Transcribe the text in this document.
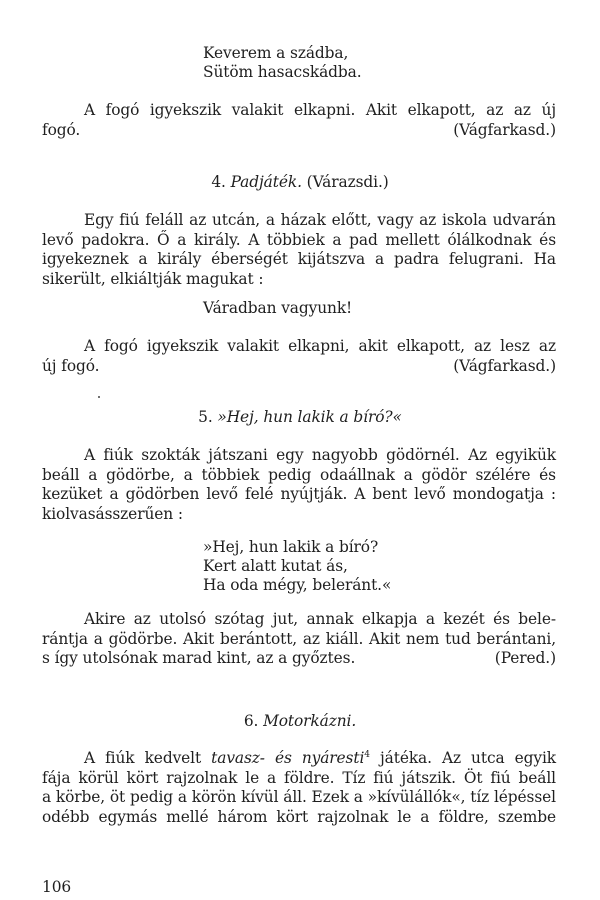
Keverem a szádba,
Sütöm hasacskádba.
A fogó igyekszik valakit elkapni. Akit elkapott, az az új
fogó.	(Vágfarkasd.)
4. Padjáték. (Várazsdi.)
Egy fiú feláll az utcán, a házak előtt, vagy az iskola udvarán
levő padokra. Ő a király. A többiek a pad mellett ólálkodnak és
igyekeznek a király éberségét kijátszva a padra felugrani. Ha
sikerült, elkiáltják magukat :
Váradban vagyunk!
A fogó igyekszik valakit elkapni, akit elkapott, az lesz az
új fogó.	(Vágfarkasd.)
5. »Hej, hun lakik a bíró?«
A fiúk szokták játszani egy nagyobb gödörnél. Az egyikük
beáll a gödörbe, a többiek pedig odaállnak a gödör szélére és
kezüket a gödörben levő felé nyújtják. A bent levő mondogatja :
kiolvasásszerűen :
»Hej, hun lakik a bíró?
Kert alatt kutat ás,
Ha oda mégy, beleránt.«
Akire az utolsó szótag jut, annak elkapja a kezét és bele-
rántja a gödörbe. Akit berántott, az kiáll. Akit nem tud berántani,
s így utolsónak marad kint, az a győztes.	(Pered.)
6. Motorkázni.
A fiúk kedvelt tavasz- és nyáresti$^4$ játéka. Az utca egyik
fája körül kört rajzolnak le a földre. Tíz fiú játszik. Öt fiú beáll
a körbe, öt pedig a körön kívül áll. Ezek a »kívülállók«, tíz lépéssel
odébb egymás mellé három kört rajzolnak le a földre, szembe
106
